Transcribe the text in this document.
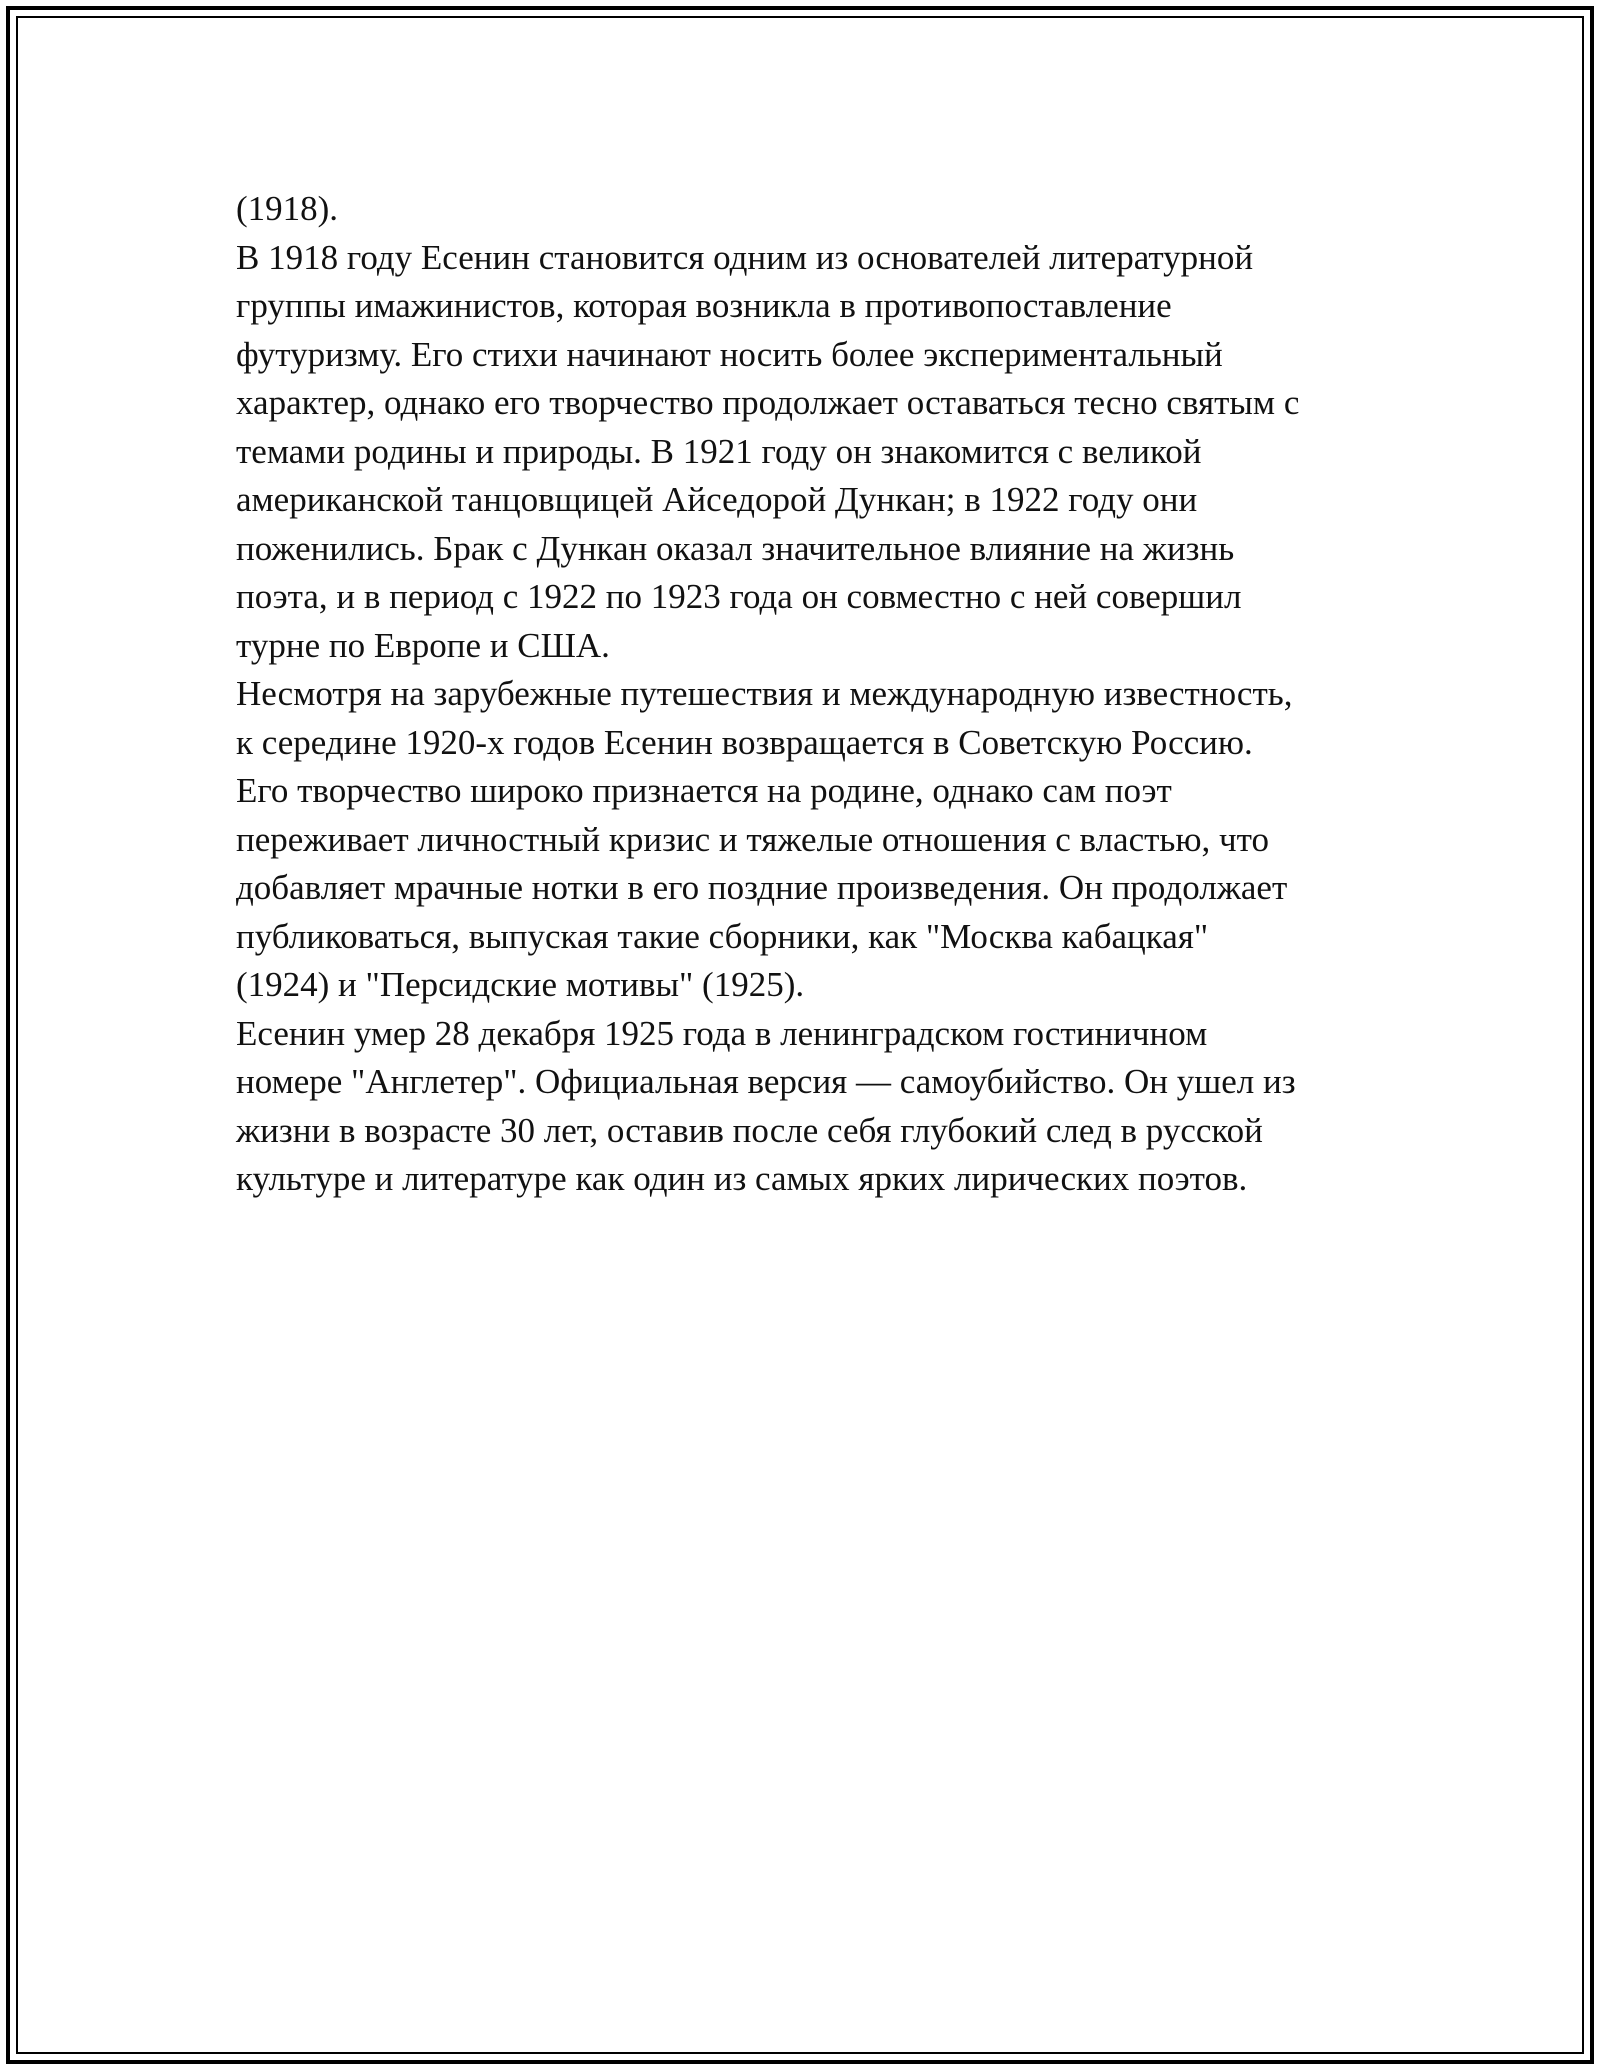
(1918).

В 1918 году Есенин становится одним из основателей литературной
группы имажинистов, которая возникла в противопоставление
футуризму. Его стихи начинают носить более экспериментальный
характер, однако его творчество продолжает оставаться тесно святым с
темами родины и природы. В 1921 году он знакомится с великой
американской танцовщицей Айседорой Дункан; в 1922 году они
поженились. Брак с Дункан оказал значительное влияние на жизнь
поэта, и в период с 1922 по 1923 года он совместно с ней совершил
турне по Европе и США.

Несмотря на зарубежные путешествия и международную известность,
к середине 1920-х годов Есенин возвращается в Советскую Россию.
Его творчество широко признается на родине, однако сам поэт
переживает личностный кризис и тяжелые отношения с властью, что
добавляет мрачные нотки в его поздние произведения. Он продолжает
публиковаться, выпуская такие сборники, как "Москва кабацкая"
(1924) и "Персидские мотивы" (1925).

Есенин умер 28 декабря 1925 года в ленинградском гостиничном
номере "Англетер". Официальная версия — самоубийство. Он ушел из
жизни в возрасте 30 лет, оставив после себя глубокий след в русской
культуре и литературе как один из самых ярких лирических поэтов.
